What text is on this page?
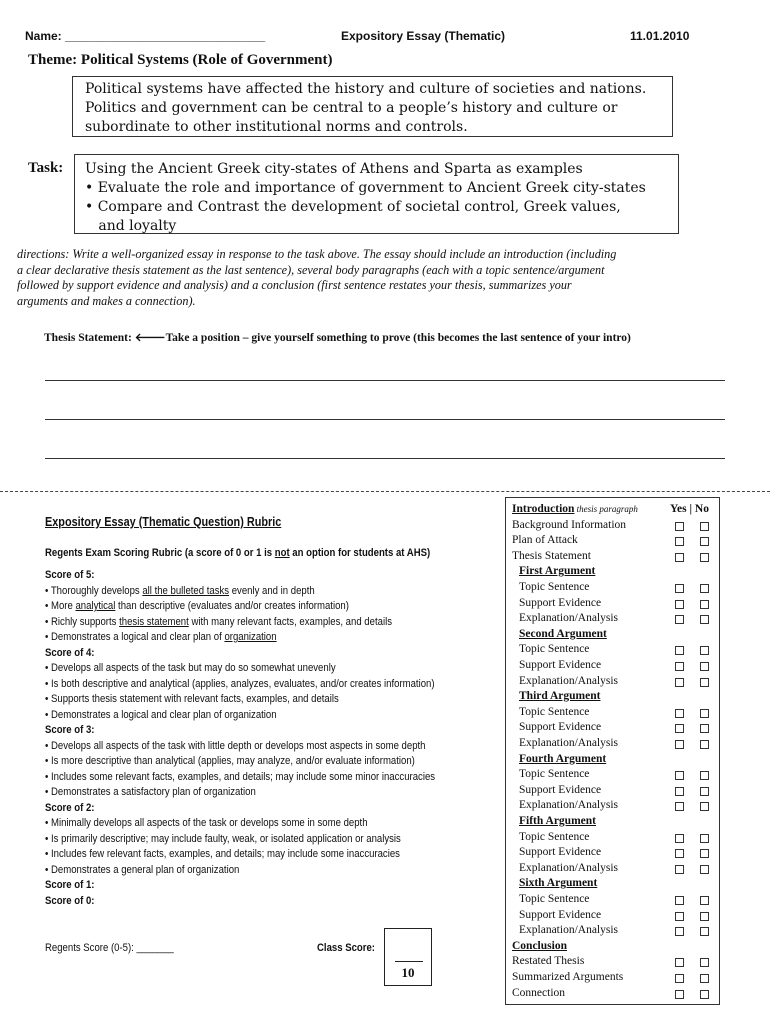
Name: ______________________________	Expository Essay (Thematic)	11.01.2010
Theme: Political Systems (Role of Government)

Political systems have affected the history and culture of societies and nations.

Politics and government can be central to a people’s history and culture or

subordinate to other institutional norms and controls.

Task: Using the Ancient Greek city-states of Athens and Sparta as examples

• Evaluate the role and importance of government to Ancient Greek city-states

• Compare and Contrast the development of societal control, Greek values,

and loyalty

directions: Write a well-organized essay in response to the task above. The essay should include an introduction (including
a clear declarative thesis statement as the last sentence), several body paragraphs (each with a topic sentence/argument
followed by support evidence and analysis) and a conclusion (first sentence restates your thesis, summarizes your
arguments and makes a connection).
Thesis Statement: 🡐Take a position – give yourself something to prove (this becomes the last sentence of your intro)
Expository Essay (Thematic Question) Rubric
Regents Exam Scoring Rubric (a score of 0 or 1 is not an option for students at AHS)
Score of 5:
• Thoroughly develops all the bulleted tasks evenly and in depth
• More analytical than descriptive (evaluates and/or creates information)
• Richly supports thesis statement with many relevant facts, examples, and details
• Demonstrates a logical and clear plan of organization
Score of 4:
• Develops all aspects of the task but may do so somewhat unevenly
• Is both descriptive and analytical (applies, analyzes, evaluates, and/or creates information)
• Supports thesis statement with relevant facts, examples, and details
• Demonstrates a logical and clear plan of organization
Score of 3:
• Develops all aspects of the task with little depth or develops most aspects in some depth
• Is more descriptive than analytical (applies, may analyze, and/or evaluate information)
• Includes some relevant facts, examples, and details; may include some minor inaccuracies
• Demonstrates a satisfactory plan of organization
Score of 2:
• Minimally develops all aspects of the task or develops some in some depth
• Is primarily descriptive; may include faulty, weak, or isolated application or analysis
• Includes few relevant facts, examples, and details; may include some inaccuracies
• Demonstrates a general plan of organization
Score of 1:
Score of 0:
Regents Score (0-5): _______	Class Score:
10
Introduction thesis paragraph	Yes | No
Background Information
Plan of Attack
Thesis Statement
First Argument
Topic Sentence
Support Evidence
Explanation/Analysis
Second Argument
Topic Sentence
Support Evidence
Explanation/Analysis
Third Argument
Topic Sentence
Support Evidence
Explanation/Analysis
Fourth Argument
Topic Sentence
Support Evidence
Explanation/Analysis
Fifth Argument
Topic Sentence
Support Evidence
Explanation/Analysis
Sixth Argument
Topic Sentence
Support Evidence
Explanation/Analysis
Conclusion
Restated Thesis
Summarized Arguments
Connection
